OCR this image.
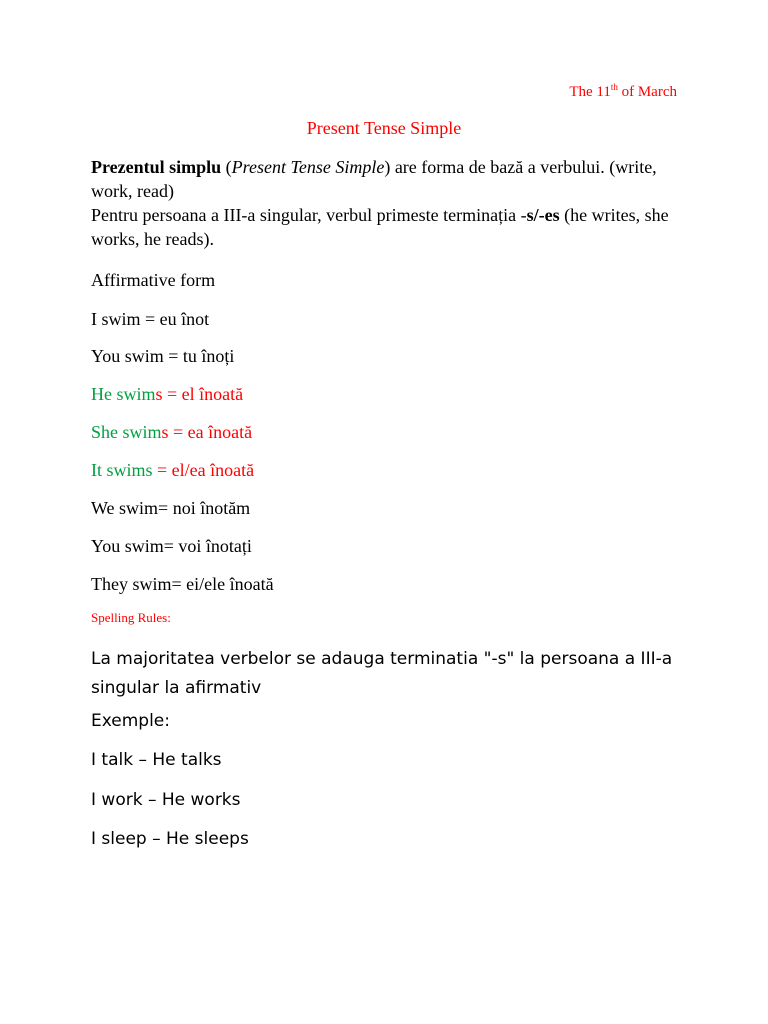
The 11th of March
Present Tense Simple

Prezentul simplu (Present Tense Simple) are forma de bază a verbului. (write, work, read)

Pentru persoana a III-a singular, verbul primeste terminația -s/-es (he writes, she works, he reads).

Affirmative form
I swim = eu înot
You swim = tu înoți
He swims = el înoată
She swims = ea înoată
It swims = el/ea înoată
We swim= noi înotăm
You swim= voi înotați
They swim= ei/ele înoată
Spelling Rules:
La majoritatea verbelor se adauga terminatia "-s" la persoana a III-a singular la afirmativ
Exemple:
I talk – He talks
I work – He works
I sleep – He sleeps
